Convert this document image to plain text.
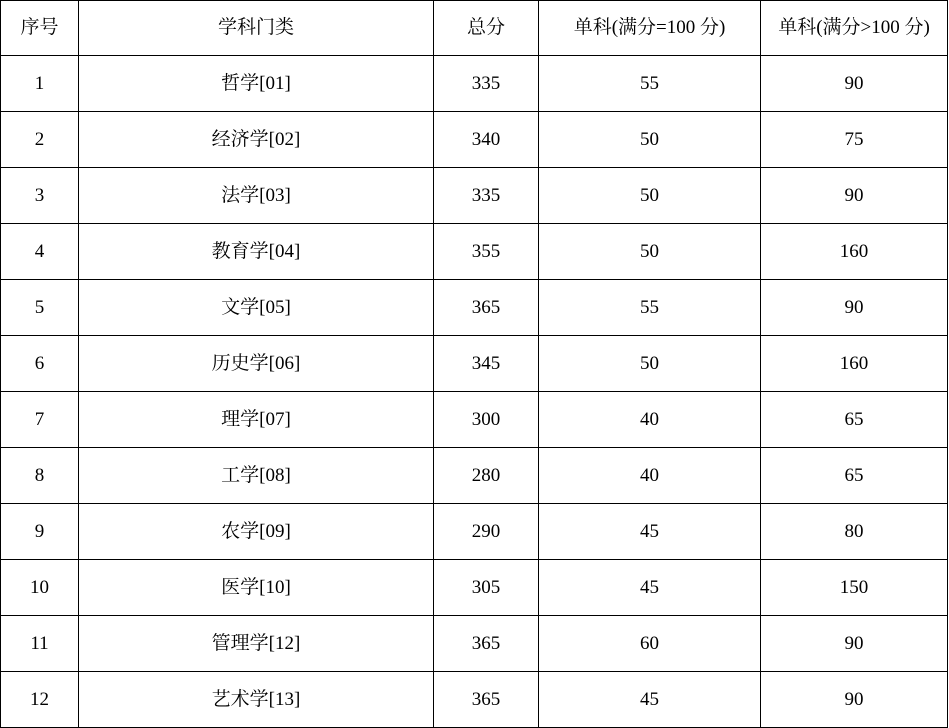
序号	学科门类	总分	单科(满分=100 分)	单科(满分>100 分)

1	哲学[01]	335	55	90
2	经济学[02]	340	50	75
3	法学[03]	335	50	90
4	教育学[04]	355	50	160
5	文学[05]	365	55	90
6	历史学[06]	345	50	160
7	理学[07]	300	40	65
8	工学[08]	280	40	65
9	农学[09]	290	45	80
10	医学[10]	305	45	150
11	管理学[12]	365	60	90
12	艺术学[13]	365	45	90
